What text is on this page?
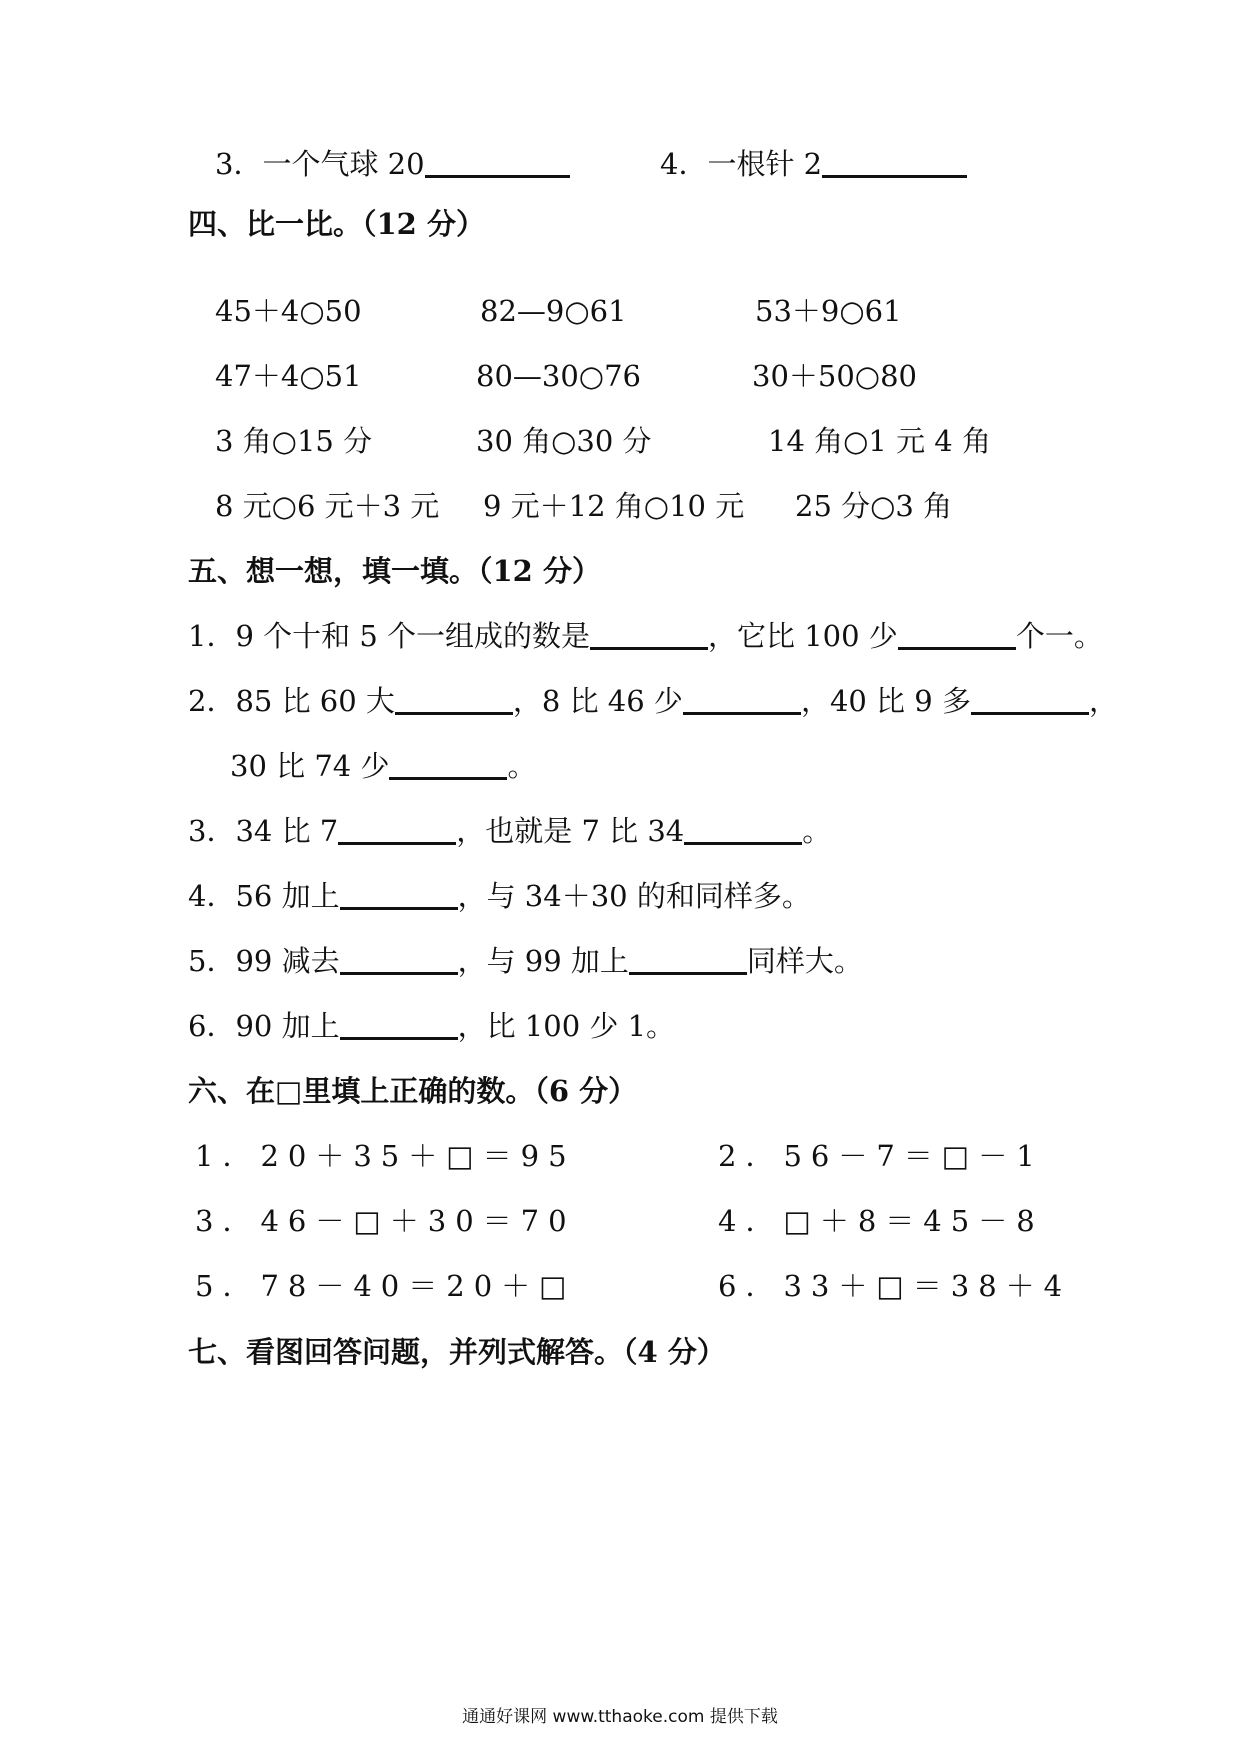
3．一个气球 20	4．一根针 2
四、比一比。（12 分）
45＋4○50	82—9○61	53＋9○61
47＋4○51	80—30○76	30＋50○80
3 角○15 分	30 角○30 分	14 角○1 元 4 角
8 元○6 元＋3 元 9 元＋12 角○10 元 25 分○3 角
五、想一想，填一填。（12 分）
1．9 个十和 5 个一组成的数是	，它比 100 少	个一。
2．85 比 60 大	，8 比 46 少	，40 比 9 多	，
30 比 74 少	。
3．34 比 7	，也就是 7 比 34	。
4．56 加上	，与 34＋30 的和同样多。
5．99 减去	，与 99 加上	同样大。
6．90 加上	，比 100 少 1。
六、在□里填上正确的数。（6 分）
1．20＋35＋□＝95	2．56－7＝□－1
3．46－□＋30＝70	4．□＋8＝45－8
5．78－40＝20＋□	6．33＋□＝38＋4
七、看图回答问题，并列式解答。（4 分）
通通好课网 www.tthaoke.com 提供下载
